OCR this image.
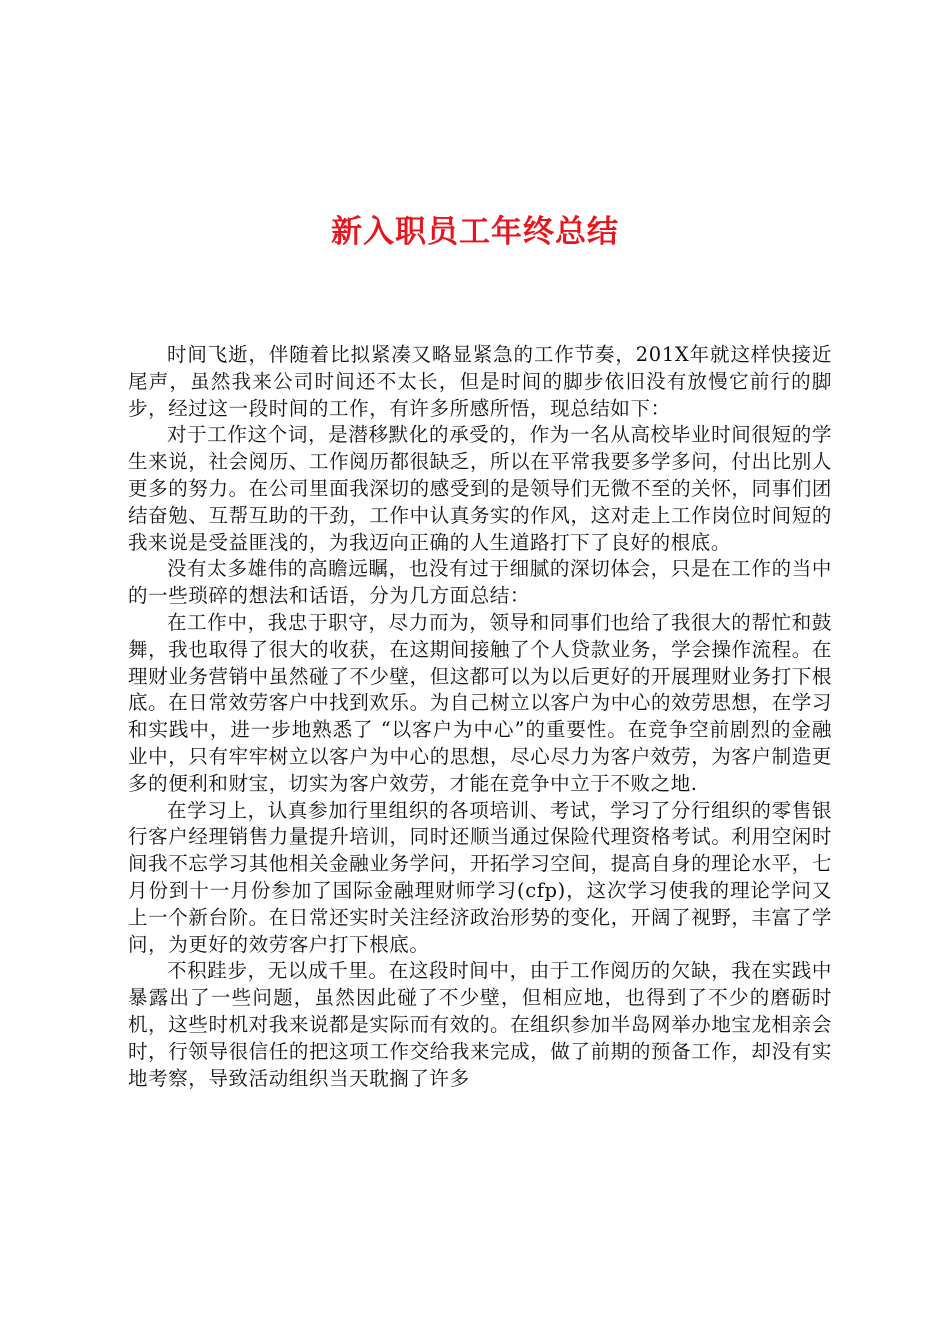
新入职员工年终总结

时间飞逝，伴随着比拟紧凑又略显紧急的工作节奏，201X年就这样快接近尾声，虽然我来公司时间还不太长，但是时间的脚步依旧没有放慢它前行的脚步，经过这一段时间的工作，有许多所感所悟，现总结如下：

对于工作这个词，是潜移默化的承受的，作为一名从高校毕业时间很短的学生来说，社会阅历、工作阅历都很缺乏，所以在平常我要多学多问，付出比别人更多的努力。在公司里面我深切的感受到的是领导们无微不至的关怀，同事们团结奋勉、互帮互助的干劲，工作中认真务实的作风，这对走上工作岗位时间短的我来说是受益匪浅的，为我迈向正确的人生道路打下了良好的根底。

没有太多雄伟的高瞻远瞩，也没有过于细腻的深切体会，只是在工作的当中的一些琐碎的想法和话语，分为几方面总结：

在工作中，我忠于职守，尽力而为，领导和同事们也给了我很大的帮忙和鼓舞，我也取得了很大的收获，在这期间接触了个人贷款业务，学会操作流程。在理财业务营销中虽然碰了不少壁，但这都可以为以后更好的开展理财业务打下根底。在日常效劳客户中找到欢乐。为自己树立以客户为中心的效劳思想，在学习 和实践中，进一步地熟悉了 “以客户为中心”的重要性。在竞争空前剧烈的金融业中，只有牢牢树立以客户为中心的思想，尽心尽力为客户效劳，为客户制造更多的便利和财宝，切实为客户效劳，才能在竞争中立于不败之地.

在学习上，认真参加行里组织的各项培训、考试，学习了分行组织的零售银行客户经理销售力量提升培训，同时还顺当通过保险代理资格考试。利用空闲时间我不忘学习其他相关金融业务学问，开拓学习空间，提高自身的理论水平，七月份到十一月份参加了国际金融理财师学习(cfp)，这次学习使我的理论学问又上一个新台阶。在日常还实时关注经济政治形势的变化，开阔了视野，丰富了学问，为更好的效劳客户打下根底。

不积跬步，无以成千里。在这段时间中，由于工作阅历的欠缺，我在实践中暴露出了一些问题，虽然因此碰了不少壁，但相应地，也得到了不少的磨砺时机，这些时机对我来说都是实际而有效的。在组织参加半岛网举办地宝龙相亲会时，行领导很信任的把这项工作交给我来完成，做了前期的预备工作，却没有实地考察，导致活动组织当天耽搁了许多
